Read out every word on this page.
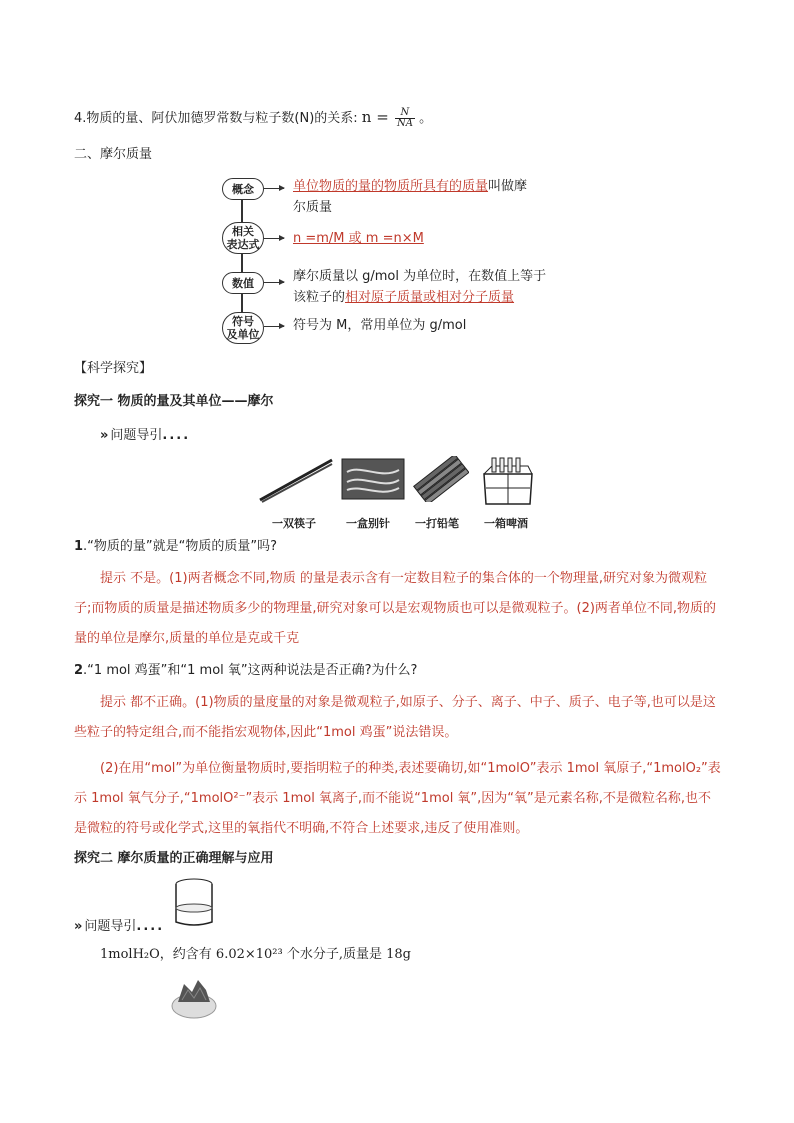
4.物质的量、阿伏加德罗常数与粒子数(N)的关系: $n = \frac{N}{NA}$ 。
二、摩尔质量
概念	单位物质的量的物质所具有的质量叫做摩
尔质量
相关
表达式	n =m/M 或 m =n×M
数值	摩尔质量以 g/mol 为单位时，在数值上等于
该粒子的相对原子质量或相对分子质量
符号
及单位
符号为 M，常用单位为 g/mol
【科学探究】
探究一 物质的量及其单位——摩尔
» 问题导引....
一双筷子	一盒别针 一打铅笔 一箱啤酒
1.“物质的量”就是“物质的质量”吗?
提示 不是。(1)两者概念不同,物质 的量是表示含有一定数目粒子的集合体的一个物理量,研究对象为微观粒子;而物质的质量是描述物质多少的物理量,研究对象可以是宏观物质也可以是微观粒子。(2)两者单位不同,物质的量的单位是摩尔,质量的单位是克或千克
2.“1 mol 鸡蛋”和“1 mol 氧”这两种说法是否正确?为什么?
提示 都不正确。(1)物质的量度量的对象是微观粒子,如原子、分子、离子、中子、质子、电子等,也可以是这些粒子的特定组合,而不能指宏观物体,因此“1mol 鸡蛋”说法错误。
(2)在用“mol”为单位衡量物质时,要指明粒子的种类,表述要确切,如“1molO”表示 1mol 氧原子,“1molO₂”表示 1mol 氧气分子,“1molO²⁻”表示 1mol 氧离子,而不能说“1mol 氧”,因为“氧”是元素名称,不是微粒名称,也不是微粒的符号或化学式,这里的氧指代不明确,不符合上述要求,违反了使用准则。
探究二 摩尔质量的正确理解与应用
» 问题导引....
1molH₂O，约含有 6.02×10²³ 个水分子,质量是 18g
